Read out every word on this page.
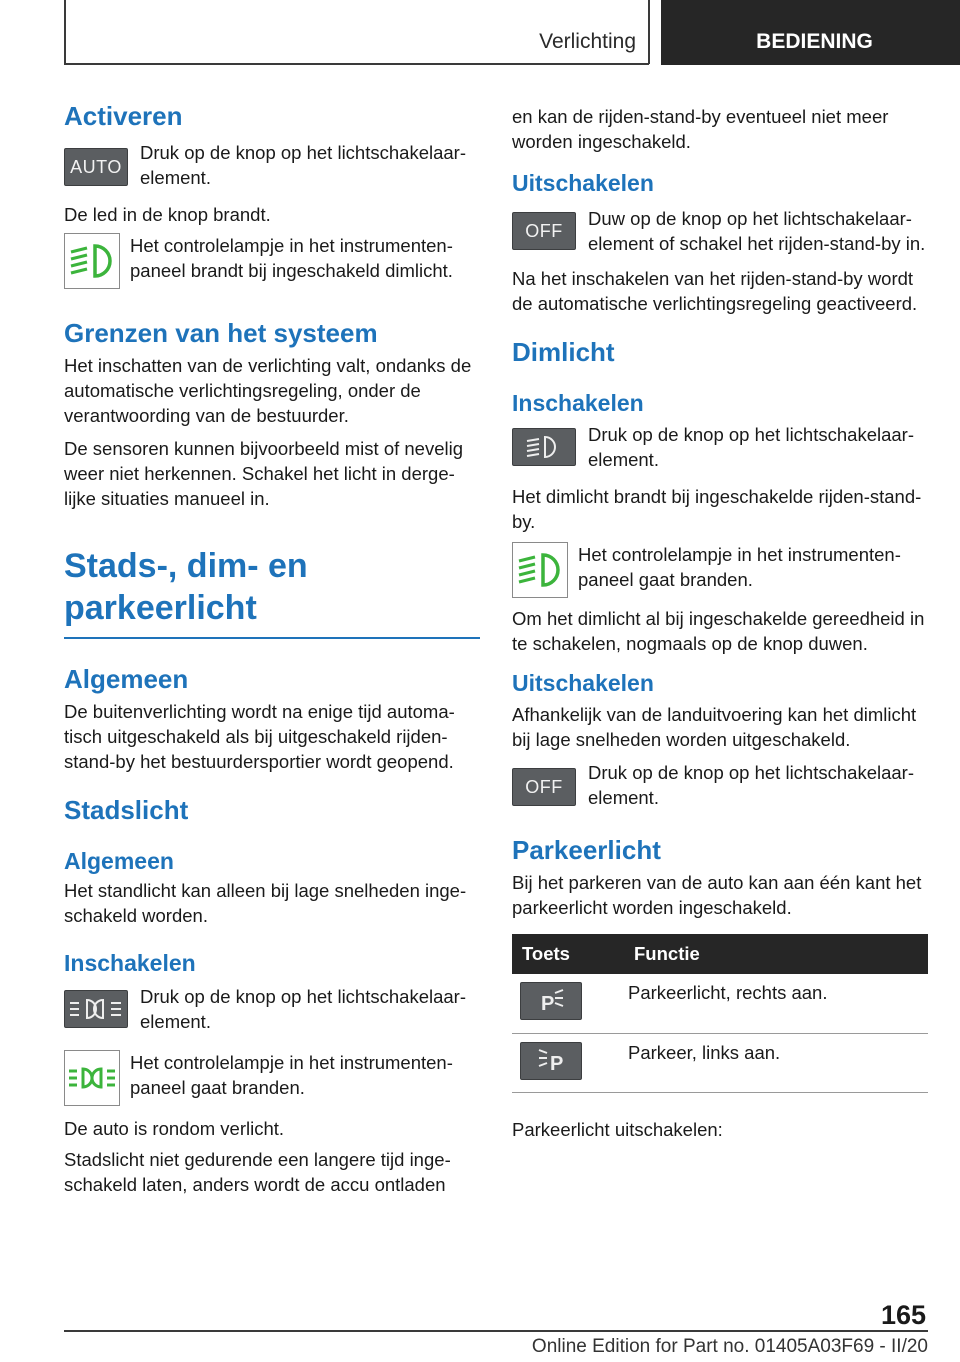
Verlichting	BEDIENING
Activeren
AUTO
Druk op de knop op het lichtschakelaarelement.
De led in de knop brandt.
Het controlelampje in het instrumentenpaneel brandt bij ingeschakeld dimlicht.
Grenzen van het systeem
Het inschatten van de verlichting valt, ondanks de automatische verlichtingsregeling, onder de verantwoording van de bestuurder.
De sensoren kunnen bijvoorbeeld mist of nevelig weer niet herkennen. Schakel het licht in dergelijke situaties manueel in.
Stads-, dim- en parkeerlicht
Algemeen
De buitenverlichting wordt na enige tijd automatisch uitgeschakeld als bij uitgeschakeld rijden-stand-by het bestuurdersportier wordt geopend.
Stadslicht
Algemeen
Het standlicht kan alleen bij lage snelheden ingeschakeld worden.
Inschakelen
Druk op de knop op het lichtschakelaarelement.
Het controlelampje in het instrumentenpaneel gaat branden.
De auto is rondom verlicht.
Stadslicht niet gedurende een langere tijd ingeschakeld laten, anders wordt de accu ontladen
en kan de rijden-stand-by eventueel niet meer worden ingeschakeld.
Uitschakelen
OFF
Duw op de knop op het lichtschakelaarelement of schakel het rijden-stand-by in.
Na het inschakelen van het rijden-stand-by wordt de automatische verlichtingsregeling geactiveerd.
Dimlicht
Inschakelen
Druk op de knop op het lichtschakelaarelement.
Het dimlicht brandt bij ingeschakelde rijden-stand-by.
Het controlelampje in het instrumentenpaneel gaat branden.
Om het dimlicht al bij ingeschakelde gereedheid in te schakelen, nogmaals op de knop duwen.
Uitschakelen
Afhankelijk van de landuitvoering kan het dimlicht bij lage snelheden worden uitgeschakeld.
OFF
Druk op de knop op het lichtschakelaarelement.
Parkeerlicht
Bij het parkeren van de auto kan aan één kant het parkeerlicht worden ingeschakeld.
Toets	Functie

P	Parkeerlicht, rechts aan.

P	Parkeer, links aan.
Parkeerlicht uitschakelen:
165
Online Edition for Part no. 01405A03F69 - II/20
